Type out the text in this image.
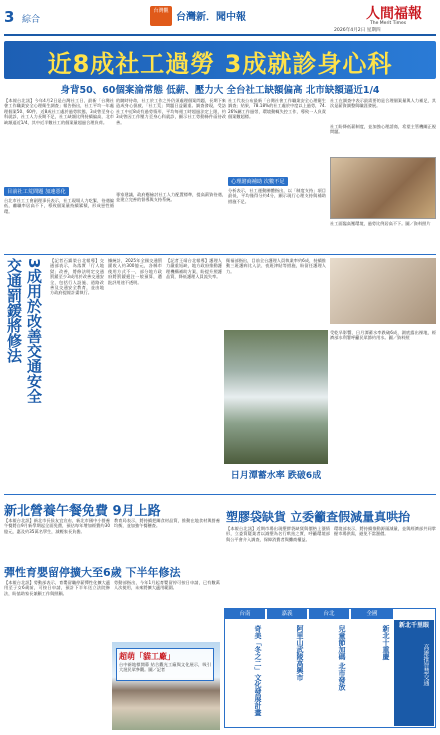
3 綜合
台灣觀
台灣新．聞中報	人間福報
The Merit Times
2026年4月2日 星期四
近8成社工過勞 3成就診身心科
身背50、60個案淪常態 低薪、壓力大 全台社工缺額偏高 北市缺額逼近1/4
【本報台北訊】今年4月2日是台灣社工日，最新「台灣社會工作職業安全心理衛生調查」報告指出，社工平均一年處理個案50、60件，近8成社工處於過勞狀態，3成曾至身心科就診，社工人力長期不足，社工缺額比例持續偏高，北市缺額逼近1/4，其中近半數社工的個案量超過合理負荷。
目前社工荒問題 加速惡化
台北市社工工會副理事長表示，社工現場人力吃緊，待遇偏低，離職率居高不下，導致個案量持續累積，形成惡性循環。
的隨時待命，社工於工作之外仍須處理個案問題，長期下來造成身心俱疲，「社工荒」問題日益嚴重。調查發現，受訪社工中近8成有過勞情形，平均每週工時超過法定上限，約3成曾因工作壓力至身心科就診，顯示社工勞動條件亟待改善。
專家建議，政府應檢討社工人力配置標準，提高薪資待遇，並建立完善的督導與支持系統。
社工代表公布最新「台灣社會工作職業安全心理衛生調查」結果，78.18%的社工處於中度以上過勞，74.26%屬工作過勞，環境動輒失控工作，導致一人負責個案數超標。
心理諮商補助 次數不足
分析表示，社工運動團體指出，以「制度支持」項目最低，平均僅得分約4分，顯示現行心理支持與補助措施不足。
社工在調查中表示最需要的是合理個案量與人力補足，其次是薪資調整與職涯發展。
社工盼降低薪制度，並加強心理諮商，希望主管機關正視問題。
社工面臨高壓環境，過勞比例居高不下。圖／資料照片
交通罰鍰將修法 3成用於改善交通安全	【記者石鎮榮台北報導】交通部表示，為落實「行人地獄」改善，將修法明定交通罰鍰至少3成用於改善交通安全，包括行人設施、道路改善及交通安全教育，並由地方政府提報計畫執行。
據統計，2025年全國交通罰鍰收入約300億元，各縣市使用方式不一，部分地方政府將罰鍰挹注一般預算，遭批評用途不透明。
【記者王靖台北報導】護理人力嚴重短缺，地方政府推動護理機構補助方案，盼提升照護品質，降低護理人員流失率。
衛福部指出，目前全台護理人員執業率約6成，持續推動三班護病比入法、夜班津貼等措施，盼留任護理人力。
日月潭蓄水率 跌破6成
受乾旱影響，日月潭蓄水率跌破6成，湖底露出裸地，經濟部水利署呼籲民眾節約用水。圖／資料照
新北營養午餐免費 9月上路
【本報台北訊】新北市長侯友宜宣布，新北市國中小營養午餐將自9月新學期起全面免費，預估每年增加經費約30億元，惠及約35萬名學生，減輕家長負擔。
教育局表示，將持續把關食材品質，推動在地食材與營養均衡，並加強午餐稽查。
彈性育嬰留停擴大至6歲 下半年修法
【本報台北訊】勞動部表示，育嬰留職停薪彈性化擴大適用至子女6歲前，可按日申請，預計下半年送立法院修法，盼協助家長兼顧工作與照顧。
勞動部指出，今年1月起育嬰留停可按日申請，已有數萬人次使用，未來將擴大適用範圍。
塑膠袋缺貨 立委籲查假減量真哄抬
【本報台北訊】近期市場出現塑膠袋缺貨與價格上漲情形，立委質疑業者以減塑為名行哄抬之實，呼籲環境部與公平會介入調查，保障消費者與攤商權益。
環境部表示，將持續推動源頭減量，並與經濟部共同掌握市場供需，避免不當漲價。
超萌「貓工廠」
台中新地標開幕 結合觀光工廠與文化展示，吸引大批民眾參觀。圖／記者
台南	嘉義	台北	全國
奇美「冬之二」文化發展計畫	阿里山武陵高興市	兒童節加碼 北市發放	新北十重慶	新北千里眼
高雄推智慧交通
